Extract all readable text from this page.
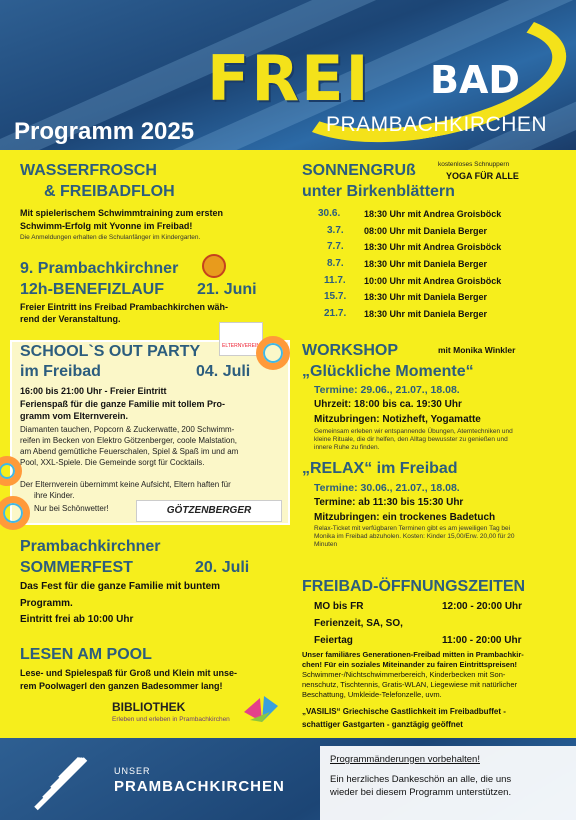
FREI BAD
PRAMBACHKIRCHEN
Programm 2025
WASSERFROSCH
& FREIBADFLOH
Mit spielerischem Schwimmtraining zum ersten
Schwimm-Erfolg mit Yvonne im Freibad!
Die Anmeldungen erhalten die Schulanfänger im Kindergarten.
9. Prambachkirchner
12h-BENEFIZLAUF 21. Juni
Freier Eintritt ins Freibad Prambachkirchen wäh-
rend der Veranstaltung.
ELTERNVEREIN
SCHOOL`S OUT PARTY
im Freibad	04. Juli
16:00 bis 21:00 Uhr - Freier Eintritt
Ferienspaß für die ganze Familie mit tollem Pro-
gramm vom Elternverein.
Diamanten tauchen, Popcorn & Zuckerwatte, 200 Schwimm-
reifen im Becken von Elektro Götzenberger, coole Malstation,
am Abend gemütliche Feuerschalen, Spiel & Spaß im und am
Pool, XXL-Spiele. Die Gemeinde sorgt für Cocktails.
Der Elternverein übernimmt keine Aufsicht, Eltern haften für
ihre Kinder.
Nur bei Schönwetter!	GÖTZENBERGER
Prambachkirchner
SOMMERFEST	20. Juli
Das Fest für die ganze Familie mit buntem
Programm.
Eintritt frei ab 10:00 Uhr
LESEN AM POOL
Lese- und Spielespaß für Groß und Klein mit unse-
rem Poolwagerl den ganzen Badesommer lang!
BIBLIOTHEK
Erleben und erleben in Prambachkirchen
SONNENGRUß	kostenloses Schnuppern
YOGA FÜR ALLE
unter Birkenblättern
30.6.	18:30 Uhr mit Andrea Groisböck
3.7. 08:00 Uhr mit Daniela Berger
7.7. 18:30 Uhr mit Andrea Groisböck
8.7. 18:30 Uhr mit Daniela Berger
11.7. 10:00 Uhr mit Andrea Groisböck
15.7. 18:30 Uhr mit Daniela Berger
21.7. 18:30 Uhr mit Daniela Berger
WORKSHOP	mit Monika Winkler
„Glückliche Momente“
Termine: 29.06., 21.07., 18.08.
Uhrzeit: 18:00 bis ca. 19:30 Uhr
Mitzubringen: Notizheft, Yogamatte
Gemeinsam erleben wir entspannende Übungen, Atemtechniken und
kleine Rituale, die dir helfen, den Alltag bewusster zu genießen und
innere Ruhe zu finden.
„RELAX“ im Freibad
Termine: 30.06., 21.07., 18.08.
Termine: ab 11:30 bis 15:30 Uhr
Mitzubringen: ein trockenes Badetuch
Relax-Ticket mit verfügbaren Terminen gibt es am jeweiligen Tag bei
Monika im Freibad abzuholen. Kosten: Kinder 15,00/Erw. 20,00 für 20
Minuten
FREIBAD-ÖFFNUNGSZEITEN
MO bis FR	12:00 - 20:00 Uhr
Ferienzeit, SA, SO,
Feiertag	11:00 - 20:00 Uhr
Unser familiäres Generationen-Freibad mitten in Prambachkir-
chen! Für ein soziales Miteinander zu fairen Eintrittspreisen!
Schwimmer-/Nichtschwimmerbereich, Kinderbecken mit Son-
nenschutz, Tischtennis, Gratis-WLAN, Liegewiese mit natürlicher
Beschattung, Umkleide-Telefonzelle, uvm.
„VASILIS“ Griechische Gastlichkeit im Freibadbuffet -
schattiger Gastgarten - ganztägig geöffnet
UNSER
PRAMBACHKIRCHEN
Programmänderungen vorbehalten!
Ein herzliches Dankeschön an alle, die uns
wieder bei diesem Programm unterstützen.
